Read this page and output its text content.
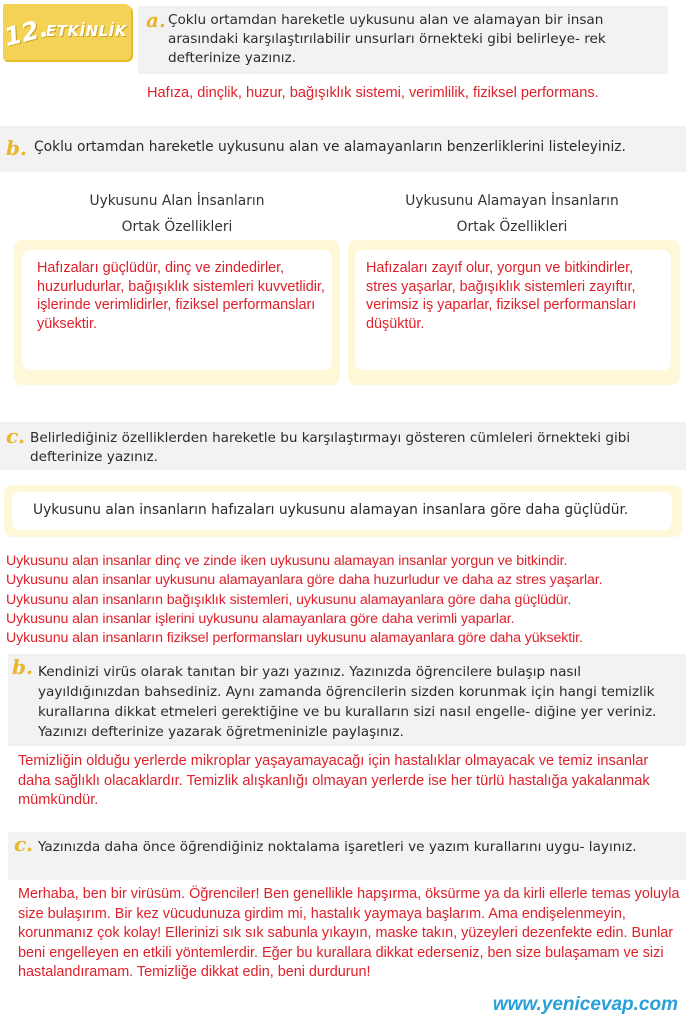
12.
ETKİNLİK a. Çoklu ortamdan hareketle uykusunu alan ve alamayan bir insan arasındaki karşılaştırılabilir unsurları örnekteki gibi belirleye- rek defterinize yazınız.
Hafıza, dinçlik, huzur, bağışıklık sistemi, verimlilik, fiziksel performans.
b. Çoklu ortamdan hareketle uykusunu alan ve alamayanların benzerliklerini listeleyiniz.
Uykusunu Alan İnsanların
Ortak Özellikleri
Uykusunu Alamayan İnsanların
Ortak Özellikleri
Hafızaları güçlüdür, dinç ve zindedirler, huzurludurlar, bağışıklık sistemleri kuvvetlidir, işlerinde verimlidirler, fiziksel performansları yüksektir.
Hafızaları zayıf olur, yorgun ve bitkindirler, stres yaşarlar, bağışıklık sistemleri zayıftır, verimsiz iş yaparlar, fiziksel performansları düşüktür.
c. Belirlediğiniz özelliklerden hareketle bu karşılaştırmayı gösteren cümleleri örnekteki gibi defterinize yazınız.
Uykusunu alan insanların hafızaları uykusunu alamayan insanlara göre daha güçlüdür.
Uykusunu alan insanlar dinç ve zinde iken uykusunu alamayan insanlar yorgun ve bitkindir.
Uykusunu alan insanlar uykusunu alamayanlara göre daha huzurludur ve daha az stres yaşarlar.
Uykusunu alan insanların bağışıklık sistemleri, uykusunu alamayanlara göre daha güçlüdür.
Uykusunu alan insanlar işlerini uykusunu alamayanlara göre daha verimli yaparlar.
Uykusunu alan insanların fiziksel performansları uykusunu alamayanlara göre daha yüksektir.
b. Kendinizi virüs olarak tanıtan bir yazı yazınız. Yazınızda öğrencilere bulaşıp nasıl yayıldığınızdan bahsediniz. Aynı zamanda öğrencilerin sizden korunmak için hangi temizlik kurallarına dikkat etmeleri gerektiğine ve bu kuralların sizi nasıl engelle- diğine yer veriniz. Yazınızı defterinize yazarak öğretmeninizle paylaşınız.
Temizliğin olduğu yerlerde mikroplar yaşayamayacağı için hastalıklar olmayacak ve temiz insanlar daha sağlıklı olacaklardır. Temizlik alışkanlığı olmayan yerlerde ise her türlü hastalığa yakalanmak mümkündür.
c. Yazınızda daha önce öğrendiğiniz noktalama işaretleri ve yazım kurallarını uygu- layınız.
Merhaba, ben bir virüsüm. Öğrenciler! Ben genellikle hapşırma, öksürme ya da kirli ellerle temas yoluyla size bulaşırım. Bir kez vücudunuza girdim mi, hastalık yaymaya başlarım. Ama endişelenmeyin, korunmanız çok kolay! Ellerinizi sık sık sabunla yıkayın, maske takın, yüzeyleri dezenfekte edin. Bunlar beni engelleyen en etkili yöntemlerdir. Eğer bu kurallara dikkat ederseniz, ben size bulaşamam ve sizi hastalandıramam. Temizliğe dikkat edin, beni durdurun!
www.yenicevap.com
